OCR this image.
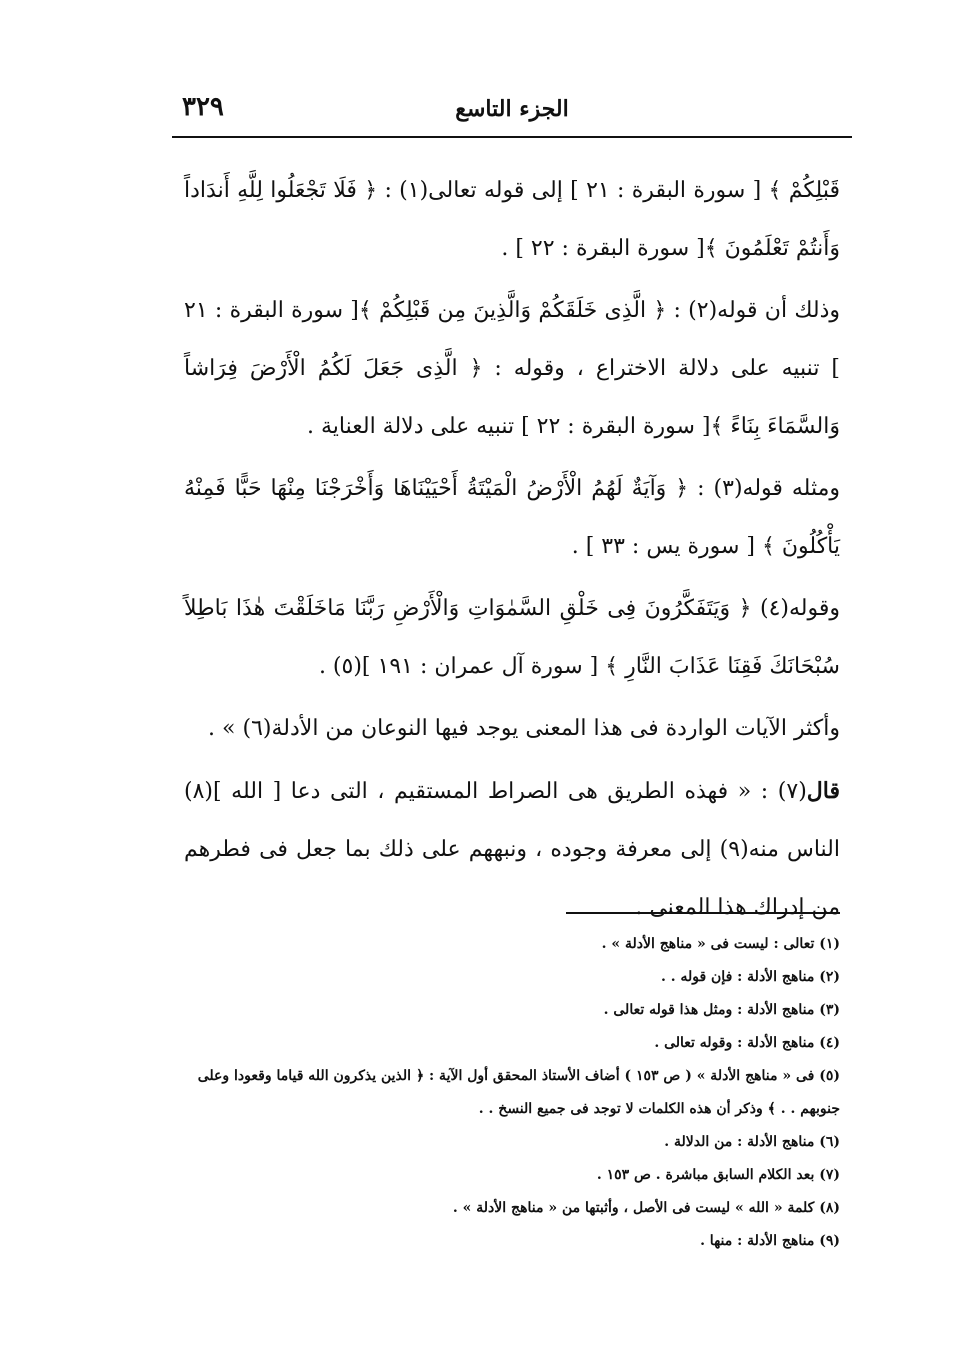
٣٢٩	الجزء التاسع

قَبْلِكُمْ ﴾ [ سورة البقرة : ٢١ ] إلى قوله تعالى(١) : ﴿ فَلَا تَجْعَلُوا لِلَّهِ أَندَاداً وَأَنتُمْ تَعْلَمُونَ ﴾[ سورة البقرة : ٢٢ ] .

وذلك أن قوله(٢) : ﴿ الَّذِى خَلَقَكُمْ وَالَّذِينَ مِن قَبْلِكُمْ ﴾[ سورة البقرة : ٢١ ] تنبيه على دلالة الاختراع ، وقوله : ﴿ الَّذِى جَعَلَ لَكُمُ الْأَرْضَ فِرَاشاً وَالسَّمَاءَ بِنَاءً ﴾[ سورة البقرة : ٢٢ ] تنبيه على دلالة العناية .

ومثله قوله(٣) : ﴿ وَآيَةٌ لَهُمُ الْأَرْضُ الْمَيْتَةُ أَحْيَيْنَاهَا وَأَخْرَجْنَا مِنْهَا حَبًّا فَمِنْهُ يَأْكُلُونَ ﴾ [ سورة يس : ٣٣ ] .

وقوله(٤) ﴿ وَيَتَفَكَّرُونَ فِى خَلْقِ السَّمٰوَاتِ وَالْأَرْضِ رَبَّنَا مَاخَلَقْتَ هٰذَا بَاطِلاً سُبْحَانَكَ فَقِنَا عَذَابَ النَّارِ ﴾ [ سورة آل عمران : ١٩١ ](٥) .

وأكثر الآيات الواردة فى هذا المعنى يوجد فيها النوعان من الأدلة(٦) » .

قال(٧) : « فهذه الطريق هى الصراط المستقيم ، التى دعا [ الله ](٨) الناس منه(٩) إلى معرفة وجوده ، ونبههم على ذلك بما جعل فى فطرهم من إدراك هذا المعنى .

(١) تعالى : ليست فى « مناهج الأدلة » .
(٢) مناهج الأدلة : فإن قوله . .
(٣) مناهج الأدلة : ومثل هذا قوله تعالى .
(٤) مناهج الأدلة : وقوله تعالى .
(٥) فى « مناهج الأدلة » ( ص ١٥٣ ) أضاف الأستاذ المحقق أول الآية : ﴿ الذين يذكرون الله قياما وقعودا وعلى جنوبهم . . ﴾ وذكر أن هذه الكلمات لا توجد فى جميع النسخ . .
(٦) مناهج الأدلة : من الدلالة .
(٧) بعد الكلام السابق مباشرة . ص ١٥٣ .
(٨) كلمة « الله » ليست فى الأصل ، وأثبتها من « مناهج الأدلة » .
(٩) مناهج الأدلة : منها .
